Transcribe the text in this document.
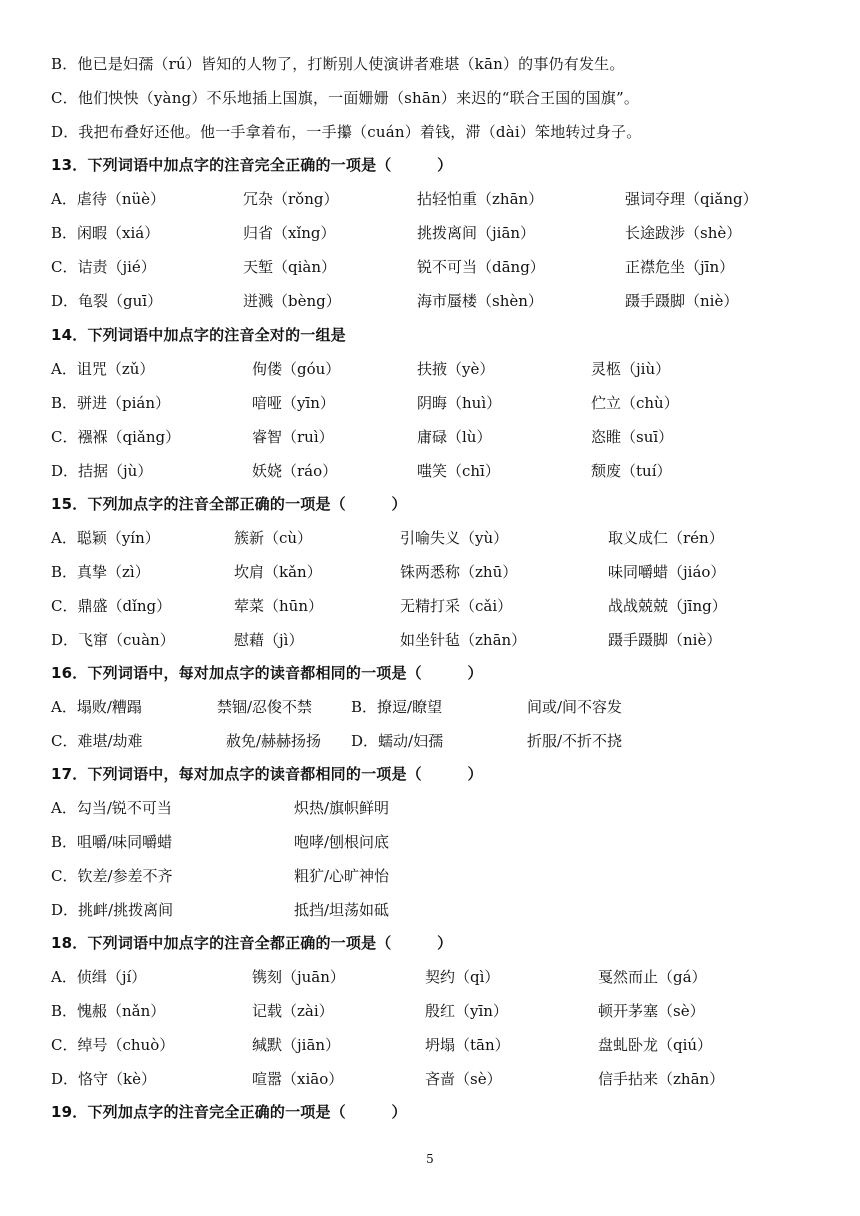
B．他已是妇孺（rú）皆知的人物了，打断别人使演讲者难堪（kān）的事仍有发生。
C．他们怏怏（yàng）不乐地插上国旗，一面姗姗（shān）来迟的“联合王国的国旗”。
D．我把布叠好还他。他一手拿着布，一手攥（cuán）着钱，滞（dài）笨地转过身子。
13．下列词语中加点字的注音完全正确的一项是（　　　）
A．虐待（nüè）	冗杂（rǒng）	拈轻怕重（zhān）	强词夺理（qiǎng）
B．闲暇（xiá）	归省（xǐng）	挑拨离间（jiān）	长途跋涉（shè）
C．诘责（jié）	天堑（qiàn）	锐不可当（dāng）	正襟危坐（jīn）
D．龟裂（guī）	迸溅（bèng）	海市蜃楼（shèn）	蹑手蹑脚（niè）
14．下列词语中加点字的注音全对的一组是
A．诅咒（zǔ）	佝偻（góu）	扶掖（yè）	灵柩（jiù）
B．骈进（pián）	喑哑（yīn）	阴晦（huì）	伫立（chù）
C．襁褓（qiǎng）	睿智（ruì）	庸碌（lù）	恣睢（suī）
D．拮据（jù）	妖娆（ráo）	嗤笑（chī）	颓废（tuí）
15．下列加点字的注音全部正确的一项是（　　　）
A．聪颖（yín）	簇新（cù）	引喻失义（yù）	取义成仁（rén）
B．真挚（zì）	坎肩（kǎn）	铢两悉称（zhū）	味同嚼蜡（jiáo）
C．鼎盛（dǐng）	荤菜（hūn）	无精打采（cǎi）	战战兢兢（jīng）
D．飞窜（cuàn）	慰藉（jì）	如坐针毡（zhān）	蹑手蹑脚（niè）
16．下列词语中，每对加点字的读音都相同的一项是（　　　）
A．塌败/糟蹋	禁锢/忍俊不禁	B．撩逗/瞭望	间或/间不容发
C．难堪/劫难	赦免/赫赫扬扬 D．蠕动/妇孺	折服/不折不挠
17．下列词语中，每对加点字的读音都相同的一项是（　　　）
A．勾当/锐不可当	炽热/旗帜鲜明
B．咀嚼/味同嚼蜡	咆哮/刨根问底
C．钦差/参差不齐	粗犷/心旷神怡
D．挑衅/挑拨离间	抵挡/坦荡如砥
18．下列词语中加点字的注音全都正确的一项是（　　　）
A．侦缉（jí）	镌刻（juān）	契约（qì）	戛然而止（gá）
B．愧赧（nǎn）	记载（zài）	殷红（yīn）	顿开茅塞（sè）
C．绰号（chuò）	缄默（jiān）	坍塌（tān）	盘虬卧龙（qiú）
D．恪守（kè）	喧嚣（xiāo）	吝啬（sè）	信手拈来（zhān）
19．下列加点字的注音完全正确的一项是（　　　）
5
